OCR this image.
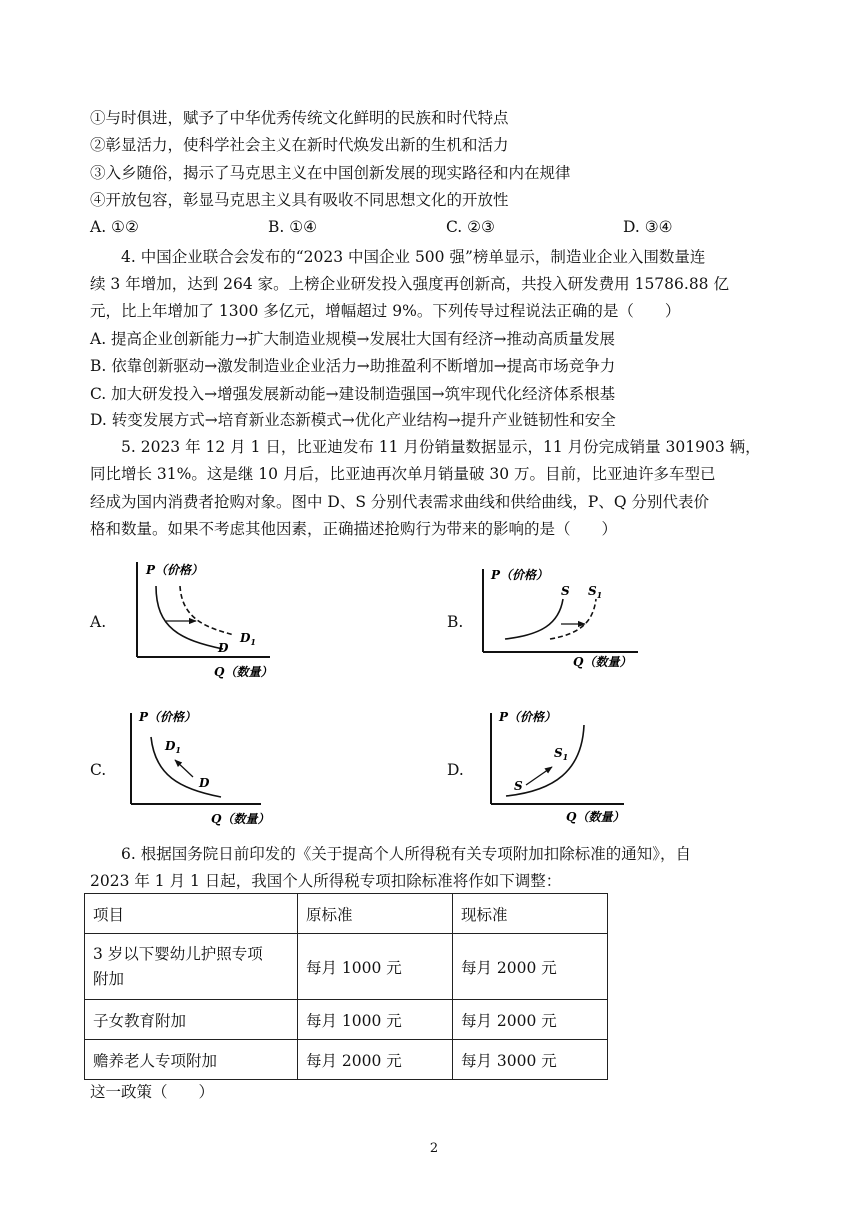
①与时俱进，赋予了中华优秀传统文化鲜明的民族和时代特点
②彰显活力，使科学社会主义在新时代焕发出新的生机和活力
③入乡随俗，揭示了马克思主义在中国创新发展的现实路径和内在规律
④开放包容，彰显马克思主义具有吸收不同思想文化的开放性
A. ①②	B. ①④	C. ②③	D. ③④
4. 中国企业联合会发布的“2023 中国企业 500 强”榜单显示，制造业企业入围数量连
续 3 年增加，达到 264 家。上榜企业研发投入强度再创新高，共投入研发费用 15786.88 亿
元，比上年增加了 1300 多亿元，增幅超过 9%。下列传导过程说法正确的是（　　）
A. 提高企业创新能力→扩大制造业规模→发展壮大国有经济→推动高质量发展
B. 依靠创新驱动→激发制造业企业活力→助推盈利不断增加→提高市场竞争力
C. 加大研发投入→增强发展新动能→建设制造强国→筑牢现代化经济体系根基
D. 转变发展方式→培育新业态新模式→优化产业结构→提升产业链韧性和安全
5. 2023 年 12 月 1 日，比亚迪发布 11 月份销量数据显示，11 月份完成销量 301903 辆，
同比增长 31%。这是继 10 月后，比亚迪再次单月销量破 30 万。目前，比亚迪许多车型已
经成为国内消费者抢购对象。图中 D、S 分别代表需求曲线和供给曲线，P、Q 分别代表价
格和数量。如果不考虑其他因素，正确描述抢购行为带来的影响的是（　　）
A.
P（价格）
Q（数量）
D
$D_1$
B.
P（价格）
Q（数量）
S $S_1$
C.
P（价格）
Q（数量）
$D_1$
D
D.
P（价格）
Q（数量）
S
$S_1$
6. 根据国务院日前印发的《关于提高个人所得税有关专项附加扣除标准的通知》，自
2023 年 1 月 1 日起，我国个人所得税专项扣除标准将作如下调整：
项目	原标准	现标准
3 岁以下婴幼儿护照专项
附加	每月 1000 元	每月 2000 元
子女教育附加	每月 1000 元	每月 2000 元
赡养老人专项附加	每月 2000 元	每月 3000 元
这一政策（　　）
2
